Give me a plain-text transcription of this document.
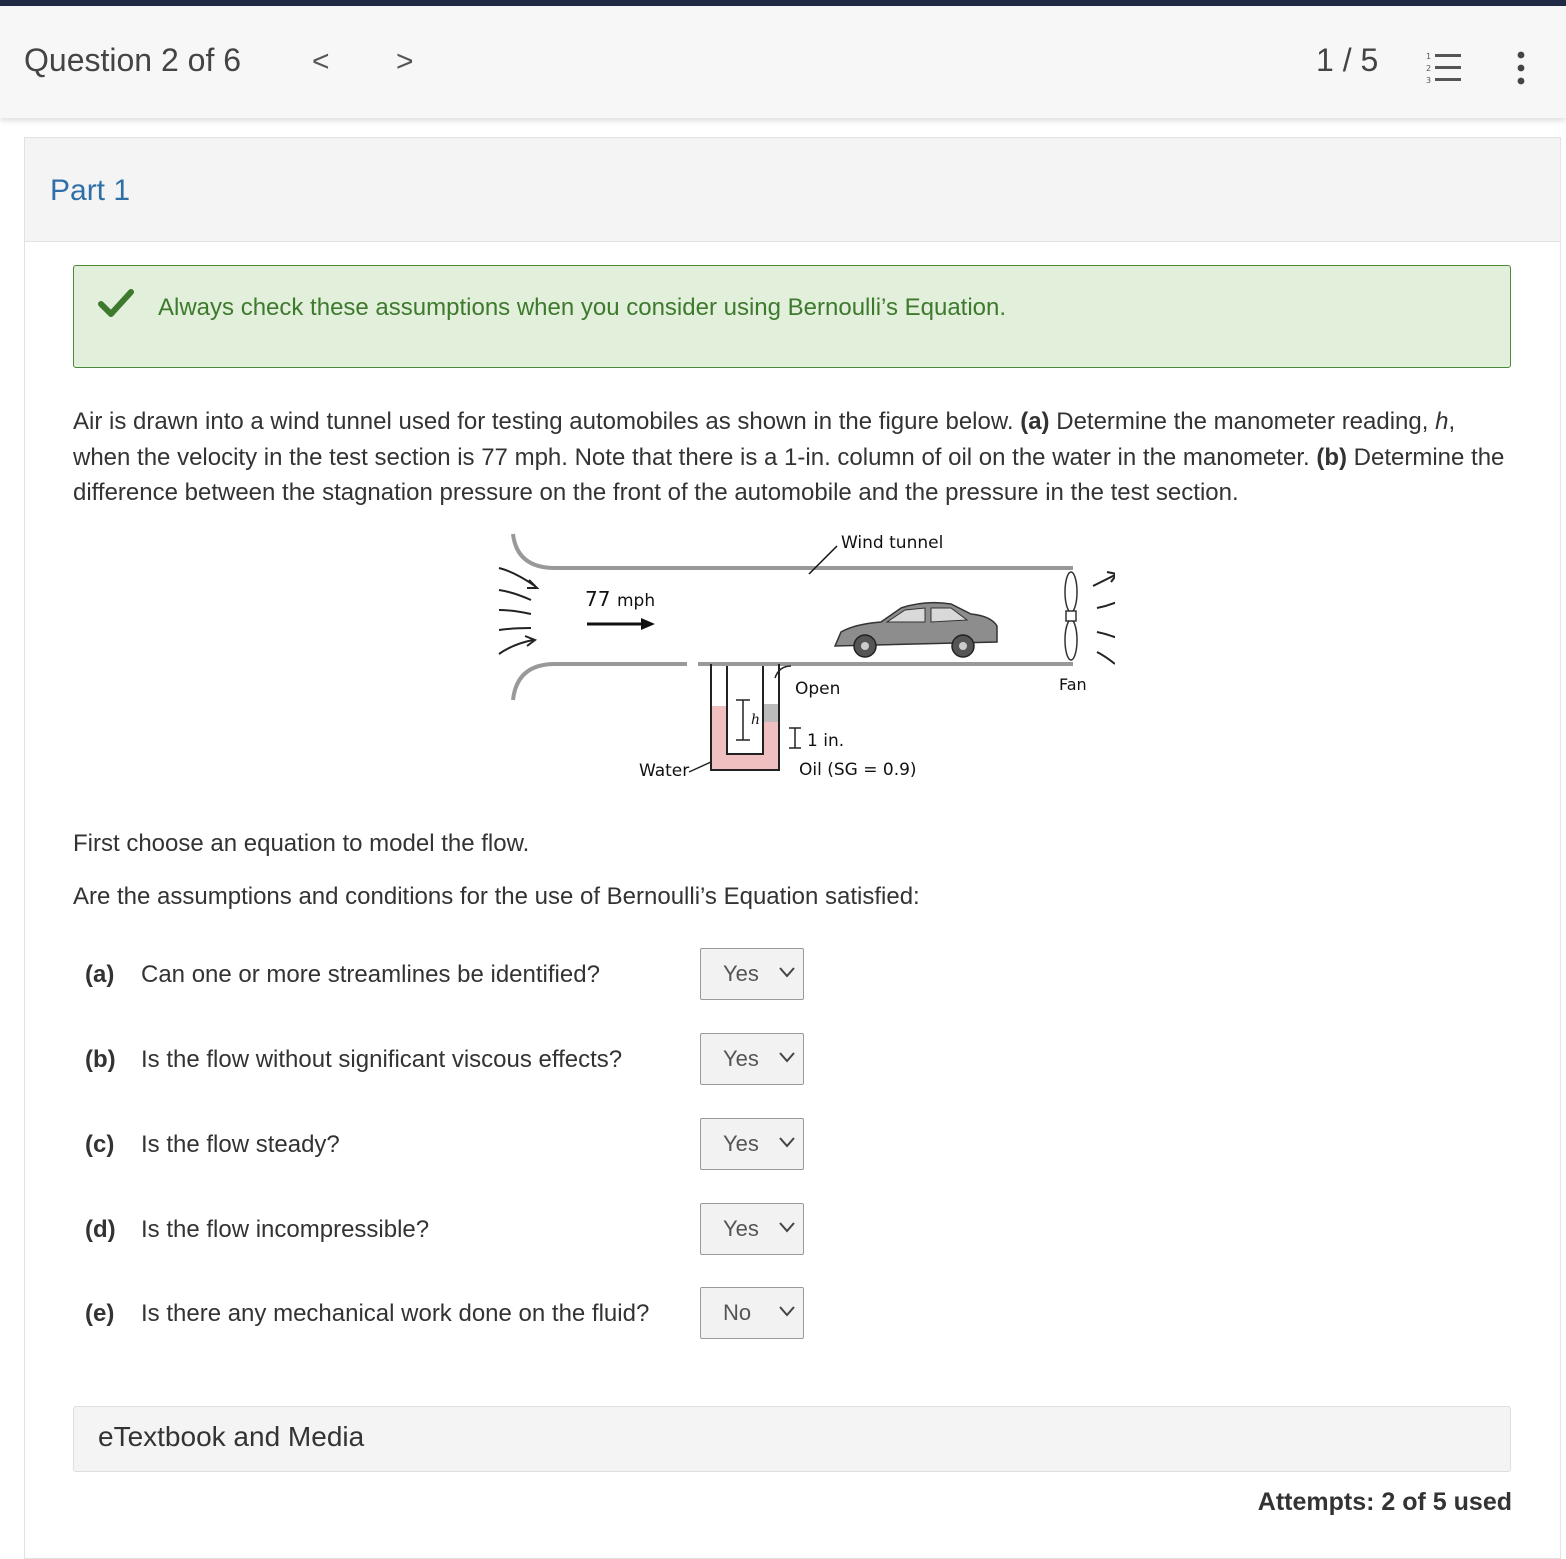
Question 2 of 6 < >	1 / 5	1
2
3
Part 1
Always check these assumptions when you consider using Bernoulli’s Equation.
Air is drawn into a wind tunnel used for testing automobiles as shown in the figure below. (a) Determine the manometer reading, h, when the velocity in the test section is 77 mph. Note that there is a 1-in. column of oil on the water in the manometer. (b) Determine the difference between the stagnation pressure on the front of the automobile and the pressure in the test section.
77 mph
Wind tunnel
Fan
h
Open
1 in.
Oil (SG = 0.9)
Water
First choose an equation to model the flow.
Are the assumptions and conditions for the use of Bernoulli’s Equation satisfied:
(a) Can one or more streamlines be identified?	Yes
(b) Is the flow without significant viscous effects?	Yes
(c) Is the flow steady?	Yes
(d) Is the flow incompressible?	Yes
(e) Is there any mechanical work done on the fluid?	No
eTextbook and Media
Attempts: 2 of 5 used
